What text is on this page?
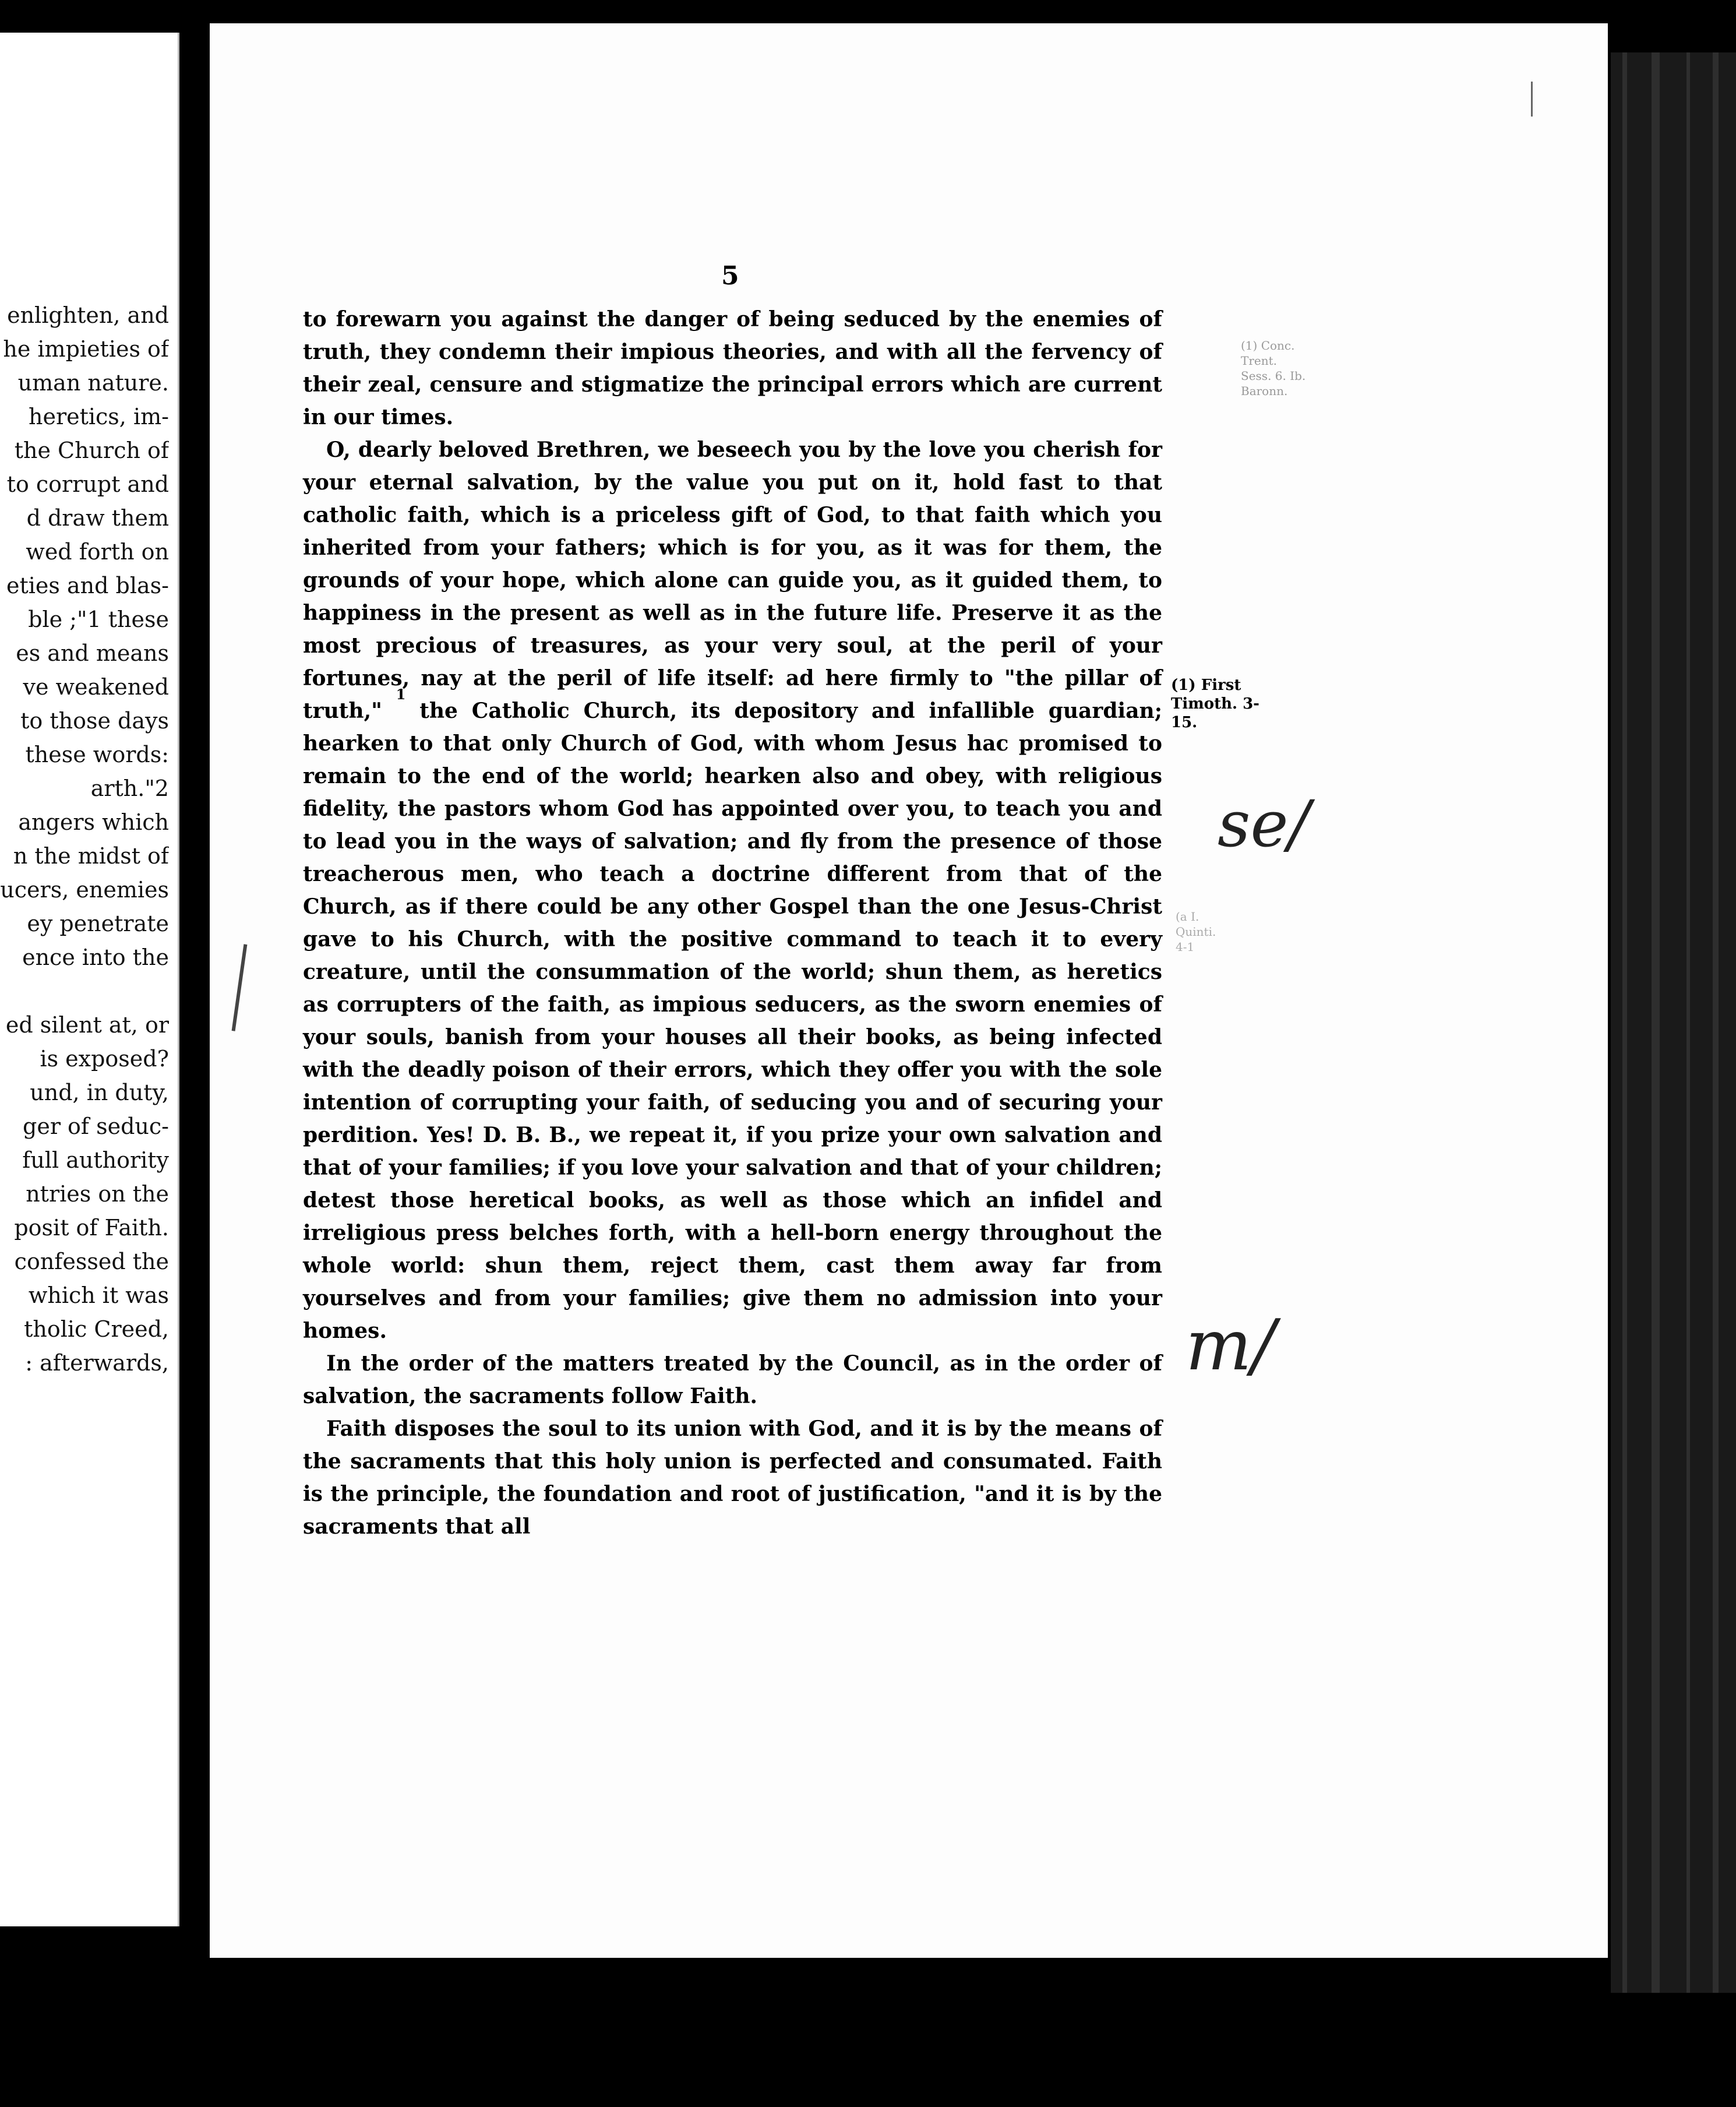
enlighten, and
he impieties of
uman nature.
heretics, im-
the Church of
to corrupt and
d draw them
wed forth on
eties and blas-
ble ;"1 these
es and means
ve weakened
to those days
these words:
arth."2
angers which
n the midst of
ucers, enemies
ey penetrate
ence into the
ed silent at, or
is exposed?
und, in duty,
ger of seduc-
full authority
ntries on the
posit of Faith.
confessed the
which it was
tholic Creed,
: afterwards,
5
(1) Conc. Trent.
Sess. 6. Ib.
Baronn.
(a I. Quinti.
4-1

to forewarn you against the danger of being seduced by the enemies of truth, they condemn their impious theories, and with all the fervency of their zeal, censure and stigmatize the principal errors which are current in our times.

O, dearly beloved Brethren, we beseech you by the love you cherish for your eternal salvation, by the value you put on it, hold fast to that catholic faith, which is a priceless gift of God, to that faith which you inherited from your fathers; which is for you, as it was for them, the grounds of your hope, which alone can guide you, as it guided them, to happiness in the present as well as in the future life. Preserve it as the most precious of treasures, as your very soul, at the peril of your fortunes, nay at the peril of life itself: ad here firmly to "the pillar of truth," $^1$ the Catholic Church, its depository and infallible guardian; hearken to that only Church of God, with whom Jesus hac promised to remain to the end of the world; hearken also and obey, with religious fidelity, the pastors whom God has appointed over you, to teach you and to lead you in the ways of salvation; and fly from the presence of those treacherous men, who teach a doctrine different from that of the Church, as if there could be any other Gospel than the one Jesus-Christ gave to his Church, with the positive command to teach it to every creature, until the consummation of the world; shun them, as heretics as corrupters of the faith, as impious seducers, as the sworn enemies of your souls, banish from your houses all their books, as being infected with the deadly poison of their errors, which they offer you with the sole intention of corrupting your faith, of seducing you and of securing your perdition. Yes! D. B. B., we repeat it, if you prize your own salvation and that of your families; if you love your salvation and that of your children; detest those heretical books, as well as those which an infidel and irreligious press belches forth, with a hell-born energy throughout the whole world: shun them, reject them, cast them away far from yourselves and from your families; give them no admission into your homes.

In the order of the matters treated by the Council, as in the order of salvation, the sacraments follow Faith.

Faith disposes the soul to its union with God, and it is by the means of the sacraments that this holy union is perfected and consumated. Faith is the principle, the foundation and root of justification, "and it is by the sacraments that all

(1) First Timoth. 3-15.
se/
m/
